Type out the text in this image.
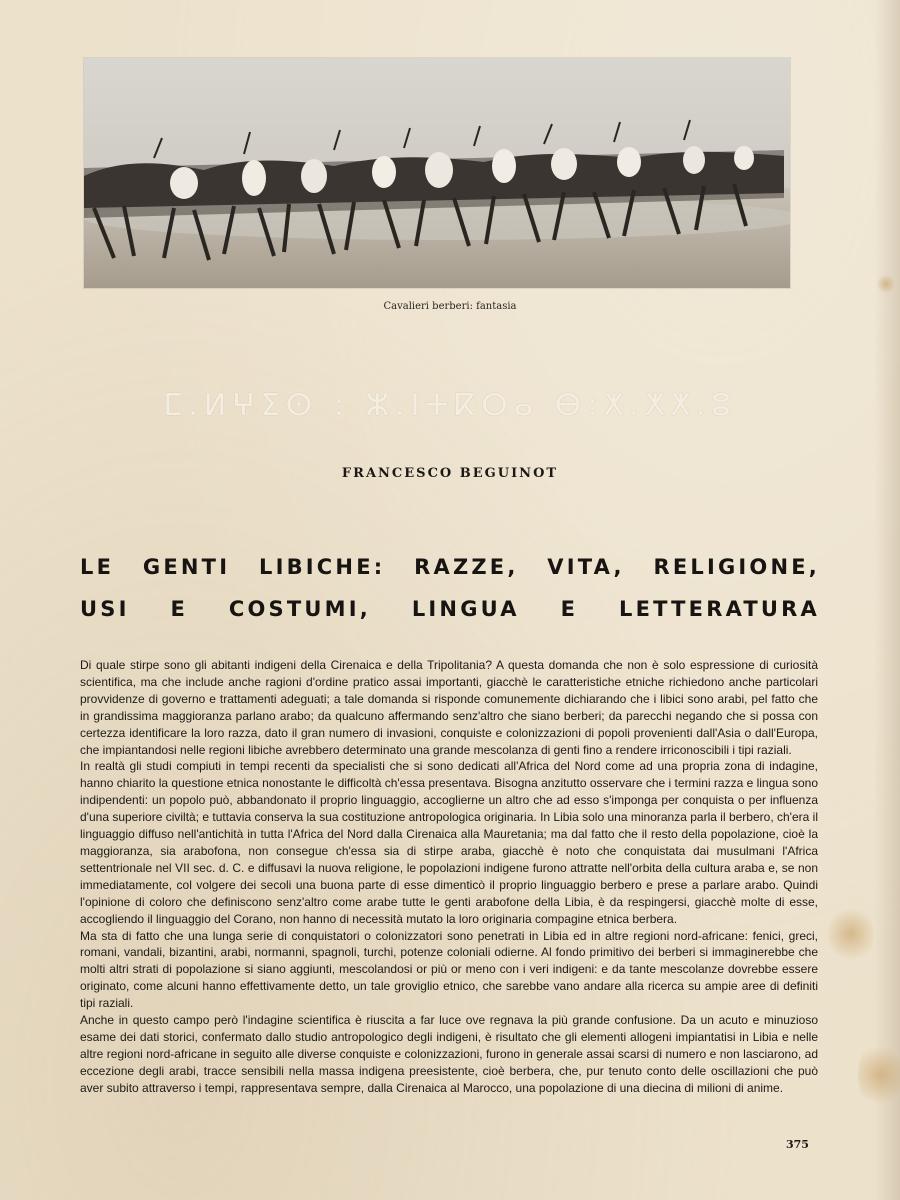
Cavalieri berberi: fantasia
ⵎ.ⵍⵖⵉⵙ : ⵣ.ⵏⵜⴽⵔⴰ ⴱ:ⵅ.ⵅⵅ.ⵓ
FRANCESCO BEGUINOT
LE GENTI LIBICHE: RAZZE, VITA, RELIGIONE,
USI E COSTUMI, LINGUA E LETTERATURA

Di quale stirpe sono gli abitanti indigeni della Cirenaica e della Tripolitania? A questa domanda che non è solo espressione di curiosità scientifica, ma che include anche ragioni d'ordine pratico assai importanti, giacchè le caratteristiche etniche richiedono anche particolari provvidenze di governo e trattamenti adeguati; a tale domanda si risponde comunemente dichiarando che i libici sono arabi, pel fatto che in grandissima maggioranza parlano arabo; da qualcuno affermando senz'altro che siano berberi; da parecchi negando che si possa con certezza identificare la loro razza, dato il gran numero di invasioni, conquiste e colonizzazioni di popoli provenienti dall'Asia o dall'Europa, che impiantandosi nelle regioni libiche avrebbero determinato una grande mescolanza di genti fino a rendere irriconoscibili i tipi raziali.

In realtà gli studi compiuti in tempi recenti da specialisti che si sono dedicati all'Africa del Nord come ad una propria zona di indagine, hanno chiarito la questione etnica nonostante le difficoltà ch'essa presentava. Bisogna anzitutto osservare che i termini razza e lingua sono indipendenti: un popolo può, abbandonato il proprio linguaggio, accoglierne un altro che ad esso s'imponga per conquista o per influenza d'una superiore civiltà; e tuttavia conserva la sua costituzione antropologica originaria. In Libia solo una minoranza parla il berbero, ch'era il linguaggio diffuso nell'antichità in tutta l'Africa del Nord dalla Cirenaica alla Mauretania; ma dal fatto che il resto della popolazione, cioè la maggioranza, sia arabofona, non consegue ch'essa sia di stirpe araba, giacchè è noto che conquistata dai musulmani l'Africa settentrionale nel VII sec. d. C. e diffusavi la nuova religione, le popolazioni indigene furono attratte nell'orbita della cultura araba e, se non immediatamente, col volgere dei secoli una buona parte di esse dimenticò il proprio linguaggio berbero e prese a parlare arabo. Quindi l'opinione di coloro che definiscono senz'altro come arabe tutte le genti arabofone della Libia, è da respingersi, giacchè molte di esse, accogliendo il linguaggio del Corano, non hanno di necessità mutato la loro originaria compagine etnica berbera.

Ma sta di fatto che una lunga serie di conquistatori o colonizzatori sono penetrati in Libia ed in altre regioni nord-africane: fenici, greci, romani, vandali, bizantini, arabi, normanni, spagnoli, turchi, potenze coloniali odierne. Al fondo primitivo dei berberi si immaginerebbe che molti altri strati di popolazione si siano aggiunti, mescolandosi or più or meno con i veri indigeni: e da tante mescolanze dovrebbe essere originato, come alcuni hanno effettivamente detto, un tale groviglio etnico, che sarebbe vano andare alla ricerca su ampie aree di definiti tipi raziali.

Anche in questo campo però l'indagine scientifica è riuscita a far luce ove regnava la più grande confusione. Da un acuto e minuzioso esame dei dati storici, confermato dallo studio antropologico degli indigeni, è risultato che gli elementi allogeni impiantatisi in Libia e nelle altre regioni nord-africane in seguito alle diverse conquiste e colonizzazioni, furono in generale assai scarsi di numero e non lasciarono, ad eccezione degli arabi, tracce sensibili nella massa indigena preesistente, cioè berbera, che, pur tenuto conto delle oscillazioni che può aver subito attraverso i tempi, rappresentava sempre, dalla Cirenaica al Marocco, una popolazione di una diecina di milioni di anime.

375
